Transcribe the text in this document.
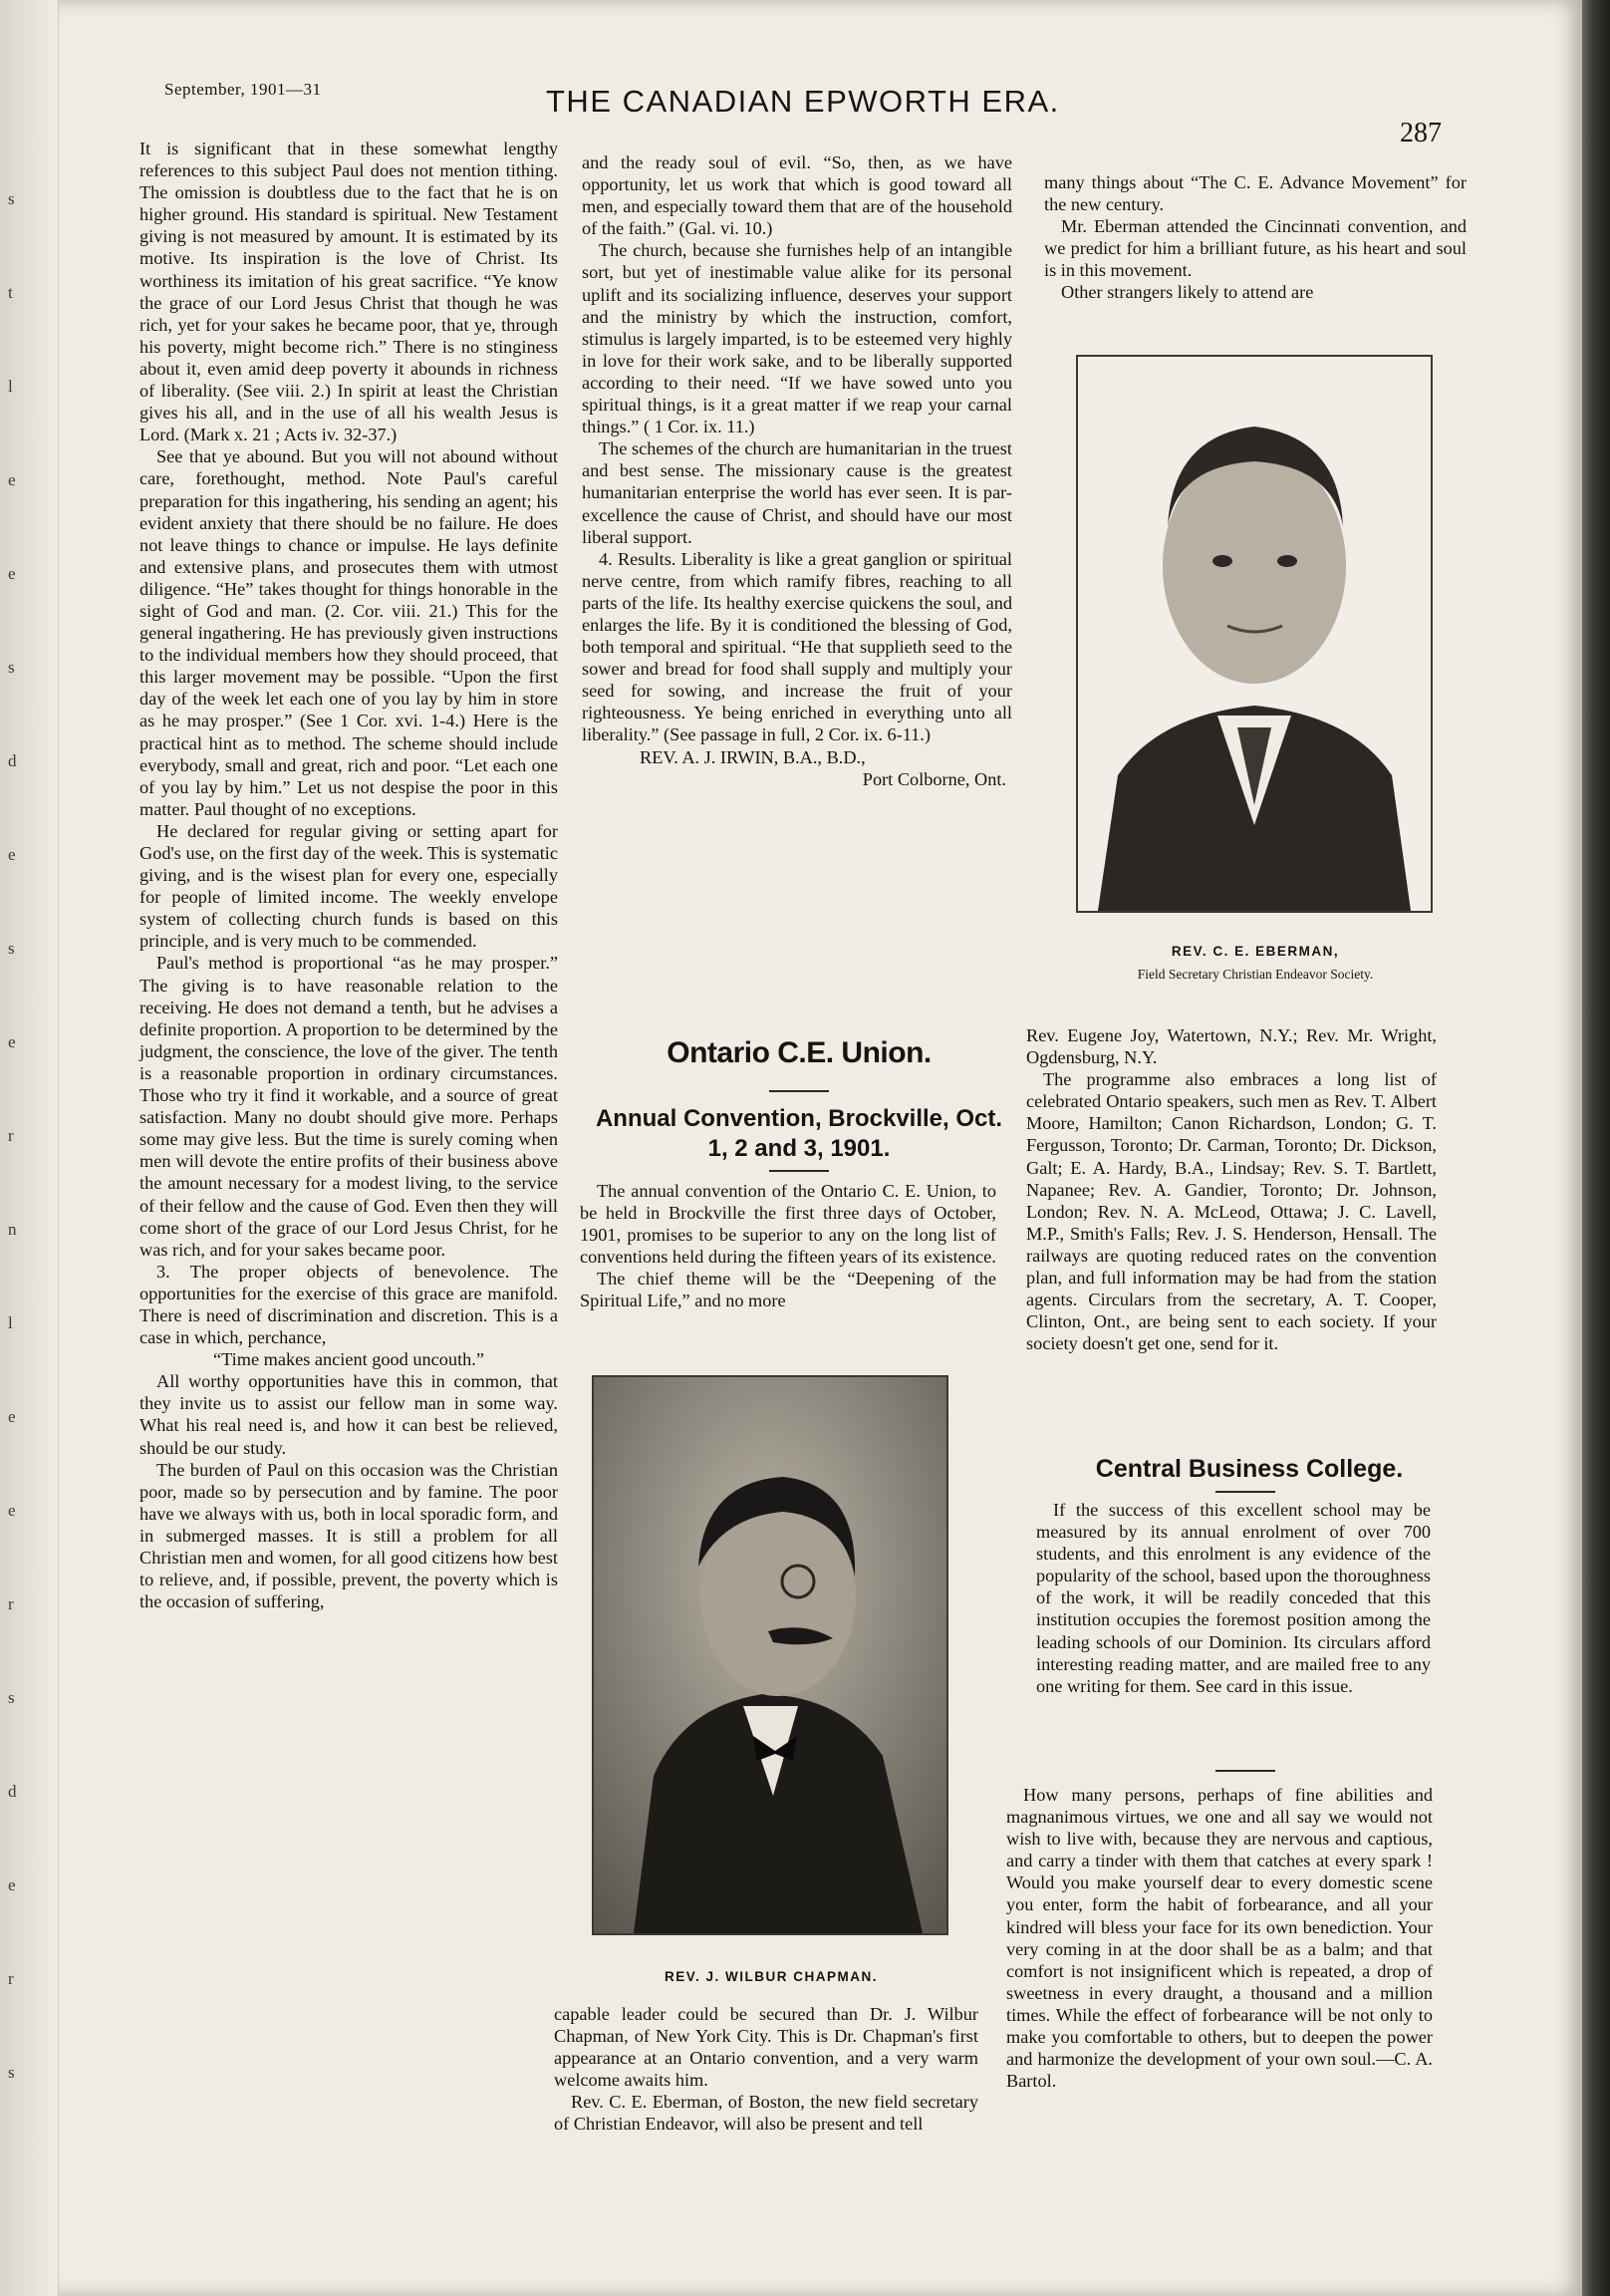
s
t
l
e
e
s
d
e
s
e
r
n
l
e
e
r
s
d
e
r
s
September, 1901—31	THE CANADIAN EPWORTH ERA.
287

It is significant that in these somewhat lengthy references to this subject Paul does not mention tithing. The omission is doubtless due to the fact that he is on higher ground. His standard is spiritual. New Testament giving is not measured by amount. It is estimated by its motive. Its inspiration is the love of Christ. Its worthiness its imitation of his great sacrifice. “Ye know the grace of our Lord Jesus Christ that though he was rich, yet for your sakes he became poor, that ye, through his poverty, might become rich.” There is no stinginess about it, even amid deep poverty it abounds in richness of liberality. (See viii. 2.) In spirit at least the Christian gives his all, and in the use of all his wealth Jesus is Lord. (Mark x. 21 ; Acts iv. 32-37.)

See that ye abound. But you will not abound without care, forethought, method. Note Paul's careful preparation for this ingathering, his sending an agent; his evident anxiety that there should be no failure. He does not leave things to chance or impulse. He lays definite and extensive plans, and prosecutes them with utmost diligence. “He” takes thought for things honorable in the sight of God and man. (2. Cor. viii. 21.) This for the general ingathering. He has previously given instructions to the individual members how they should proceed, that this larger movement may be possible. “Upon the first day of the week let each one of you lay by him in store as he may prosper.” (See 1 Cor. xvi. 1-4.) Here is the practical hint as to method. The scheme should include everybody, small and great, rich and poor. “Let each one of you lay by him.” Let us not despise the poor in this matter. Paul thought of no exceptions.

He declared for regular giving or setting apart for God's use, on the first day of the week. This is systematic giving, and is the wisest plan for every one, especially for people of limited income. The weekly envelope system of collecting church funds is based on this principle, and is very much to be commended.

Paul's method is proportional “as he may prosper.” The giving is to have reasonable relation to the receiving. He does not demand a tenth, but he advises a definite proportion. A proportion to be determined by the judgment, the conscience, the love of the giver. The tenth is a reasonable proportion in ordinary circumstances. Those who try it find it workable, and a source of great satisfaction. Many no doubt should give more. Perhaps some may give less. But the time is surely coming when men will devote the entire profits of their business above the amount necessary for a modest living, to the service of their fellow and the cause of God. Even then they will come short of the grace of our Lord Jesus Christ, for he was rich, and for your sakes became poor.

3. The proper objects of benevolence. The opportunities for the exercise of this grace are manifold. There is need of discrimination and discretion. This is a case in which, perchance,

“Time makes ancient good uncouth.”

All worthy opportunities have this in common, that they invite us to assist our fellow man in some way. What his real need is, and how it can best be relieved, should be our study.

The burden of Paul on this occasion was the Christian poor, made so by persecution and by famine. The poor have we always with us, both in local sporadic form, and in submerged masses. It is still a problem for all Christian men and women, for all good citizens how best to relieve, and, if possible, prevent, the poverty which is the occasion of suffering,

and the ready soul of evil. “So, then, as we have opportunity, let us work that which is good toward all men, and especially toward them that are of the household of the faith.” (Gal. vi. 10.)

The church, because she furnishes help of an intangible sort, but yet of inestimable value alike for its personal uplift and its socializing influence, deserves your support and the ministry by which the instruction, comfort, stimulus is largely imparted, is to be esteemed very highly in love for their work sake, and to be liberally supported according to their need. “If we have sowed unto you spiritual things, is it a great matter if we reap your carnal things.” ( 1 Cor. ix. 11.)

The schemes of the church are humanitarian in the truest and best sense. The missionary cause is the greatest humanitarian enterprise the world has ever seen. It is par-excellence the cause of Christ, and should have our most liberal support.

4. Results. Liberality is like a great ganglion or spiritual nerve centre, from which ramify fibres, reaching to all parts of the life. Its healthy exercise quickens the soul, and enlarges the life. By it is conditioned the blessing of God, both temporal and spiritual. “He that supplieth seed to the sower and bread for food shall supply and multiply your seed for sowing, and increase the fruit of your righteousness. Ye being enriched in everything unto all liberality.” (See passage in full, 2 Cor. ix. 6-11.)

REV. A. J. IRWIN, B.A., B.D.,

Port Colborne, Ont.

Ontario C.E. Union.
Annual Convention, Brockville, Oct.
1, 2 and 3, 1901.

The annual convention of the Ontario C. E. Union, to be held in Brockville the first three days of October, 1901, promises to be superior to any on the long list of conventions held during the fifteen years of its existence.

The chief theme will be the “Deepening of the Spiritual Life,” and no more

REV. J. WILBUR CHAPMAN.

capable leader could be secured than Dr. J. Wilbur Chapman, of New York City. This is Dr. Chapman's first appearance at an Ontario convention, and a very warm welcome awaits him.

Rev. C. E. Eberman, of Boston, the new field secretary of Christian Endeavor, will also be present and tell

many things about “The C. E. Advance Movement” for the new century.

Mr. Eberman attended the Cincinnati convention, and we predict for him a brilliant future, as his heart and soul is in this movement.

Other strangers likely to attend are

REV. C. E. EBERMAN,
Field Secretary Christian Endeavor Society.

Rev. Eugene Joy, Watertown, N.Y.; Rev. Mr. Wright, Ogdensburg, N.Y.

The programme also embraces a long list of celebrated Ontario speakers, such men as Rev. T. Albert Moore, Hamilton; Canon Richardson, London; G. T. Fergusson, Toronto; Dr. Carman, Toronto; Dr. Dickson, Galt; E. A. Hardy, B.A., Lindsay; Rev. S. T. Bartlett, Napanee; Rev. A. Gandier, Toronto; Dr. Johnson, London; Rev. N. A. McLeod, Ottawa; J. C. Lavell, M.P., Smith's Falls; Rev. J. S. Henderson, Hensall. The railways are quoting reduced rates on the convention plan, and full information may be had from the station agents. Circulars from the secretary, A. T. Cooper, Clinton, Ont., are being sent to each society. If your society doesn't get one, send for it.

Central Business College.

If the success of this excellent school may be measured by its annual enrolment of over 700 students, and this enrolment is any evidence of the popularity of the school, based upon the thoroughness of the work, it will be readily conceded that this institution occupies the foremost position among the leading schools of our Dominion. Its circulars afford interesting reading matter, and are mailed free to any one writing for them. See card in this issue.

How many persons, perhaps of fine abilities and magnanimous virtues, we one and all say we would not wish to live with, because they are nervous and captious, and carry a tinder with them that catches at every spark ! Would you make yourself dear to every domestic scene you enter, form the habit of forbearance, and all your kindred will bless your face for its own benediction. Your very coming in at the door shall be as a balm; and that comfort is not insignificent which is repeated, a drop of sweetness in every draught, a thousand and a million times. While the effect of forbearance will be not only to make you comfortable to others, but to deepen the power and harmonize the development of your own soul.—C. A. Bartol.
